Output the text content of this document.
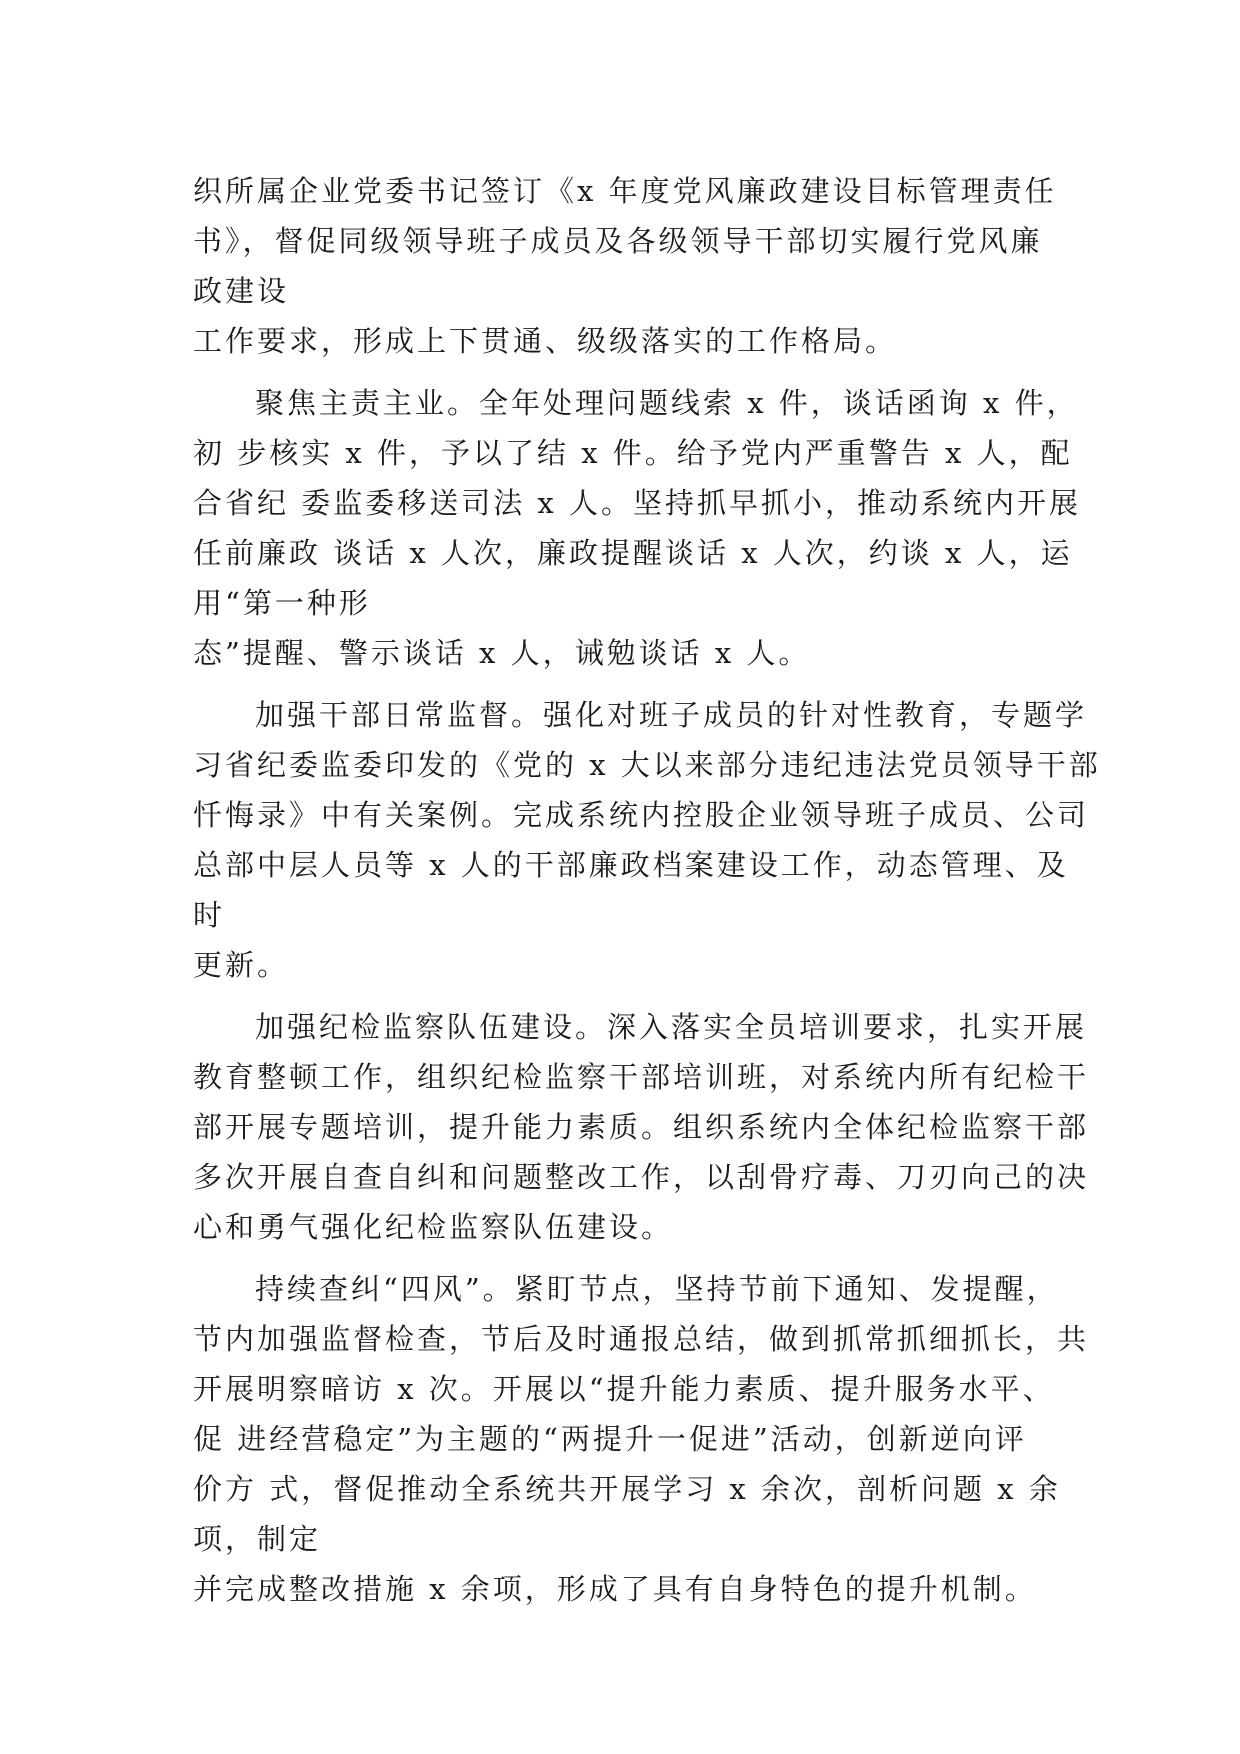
织所属企业党委书记签订《x 年度党风廉政建设目标管理责任
书》，督促同级领导班子成员及各级领导干部切实履行党风廉
政建设
工作要求，形成上下贯通、级级落实的工作格局。
聚焦主责主业。全年处理问题线索 x 件，谈话函询 x 件，
初 步核实 x 件，予以了结 x 件。给予党内严重警告 x 人，配
合省纪 委监委移送司法 x 人。坚持抓早抓小，推动系统内开展
任前廉政 谈话 x 人次，廉政提醒谈话 x 人次，约谈 x 人，运
用“第一种形
态”提醒、警示谈话 x 人，诫勉谈话 x 人。
加强干部日常监督。强化对班子成员的针对性教育，专题学
习省纪委监委印发的《党的 x 大以来部分违纪违法党员领导干部
忏悔录》中有关案例。完成系统内控股企业领导班子成员、公司
总部中层人员等 x 人的干部廉政档案建设工作，动态管理、及
时
更新。
加强纪检监察队伍建设。深入落实全员培训要求，扎实开展
教育整顿工作，组织纪检监察干部培训班，对系统内所有纪检干
部开展专题培训，提升能力素质。组织系统内全体纪检监察干部
多次开展自查自纠和问题整改工作，以刮骨疗毒、刀刃向己的决
心和勇气强化纪检监察队伍建设。
持续查纠“四风”。紧盯节点，坚持节前下通知、发提醒，
节内加强监督检查，节后及时通报总结，做到抓常抓细抓长，共
开展明察暗访 x 次。开展以“提升能力素质、提升服务水平、
促 进经营稳定”为主题的“两提升一促进”活动，创新逆向评
价方 式，督促推动全系统共开展学习 x 余次，剖析问题 x 余
项，制定
并完成整改措施 x 余项，形成了具有自身特色的提升机制。
